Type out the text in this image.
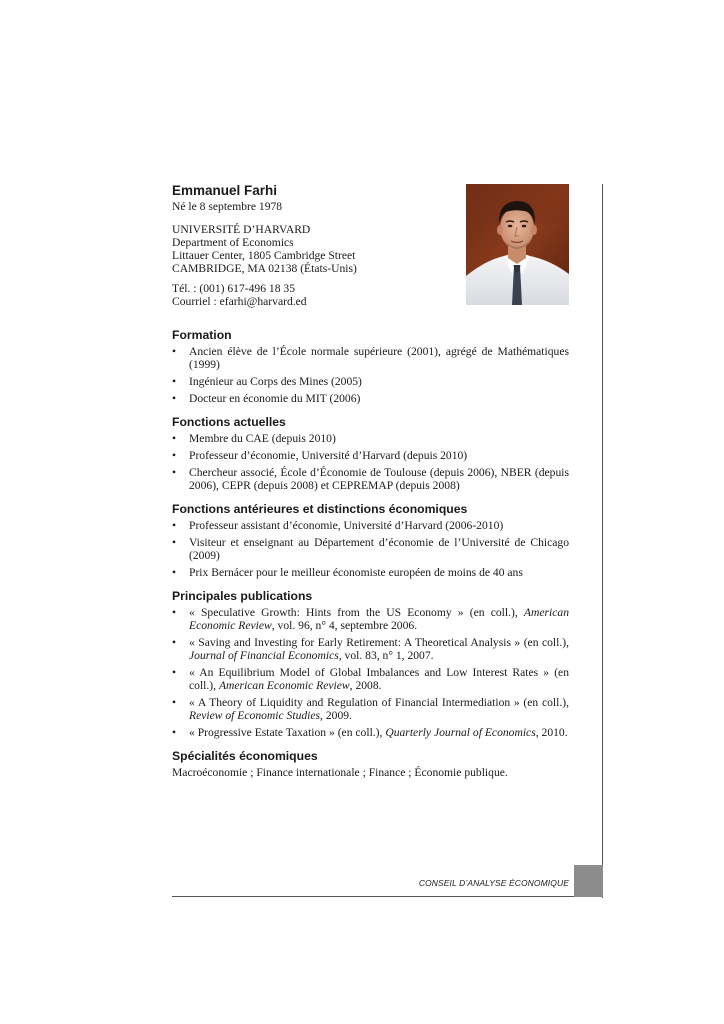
CONSEIL D’ANALYSE ÉCONOMIQUE
Emmanuel Farhi
Né le 8 septembre 1978
UNIVERSITÉ D’HARVARD
Department of Economics
Littauer Center, 1805 Cambridge Street
CAMBRIDGE, MA 02138 (États-Unis)
Tél. : (001) 617-496 18 35
Courriel : efarhi@harvard.ed
Formation
• Ancien élève de l’École normale supérieure (2001), agrégé de Mathématiques (1999)
• Ingénieur au Corps des Mines (2005)
• Docteur en économie du MIT (2006)
Fonctions actuelles
• Membre du CAE (depuis 2010)
• Professeur d’économie, Université d’Harvard (depuis 2010)
• Chercheur associé, École d’Économie de Toulouse (depuis 2006), NBER (depuis 2006), CEPR (depuis 2008) et CEPREMAP (depuis 2008)
Fonctions antérieures et distinctions économiques
• Professeur assistant d’économie, Université d’Harvard (2006-2010)
• Visiteur et enseignant au Département d’économie de l’Université de Chicago (2009)
• Prix Bernácer pour le meilleur économiste européen de moins de 40 ans
Principales publications
• « Speculative Growth: Hints from the US Economy » (en coll.), American Economic Review, vol. 96, n° 4, septembre 2006.
• « Saving and Investing for Early Retirement: A Theoretical Analysis » (en coll.), Journal of Financial Economics, vol. 83, n° 1, 2007.
• « An Equilibrium Model of Global Imbalances and Low Interest Rates » (en coll.), American Economic Review, 2008.
• « A Theory of Liquidity and Regulation of Financial Intermediation » (en coll.), Review of Economic Studies, 2009.
• « Progressive Estate Taxation » (en coll.), Quarterly Journal of Economics, 2010.
Spécialités économiques
Macroéconomie ; Finance internationale ; Finance ; Économie publique.
